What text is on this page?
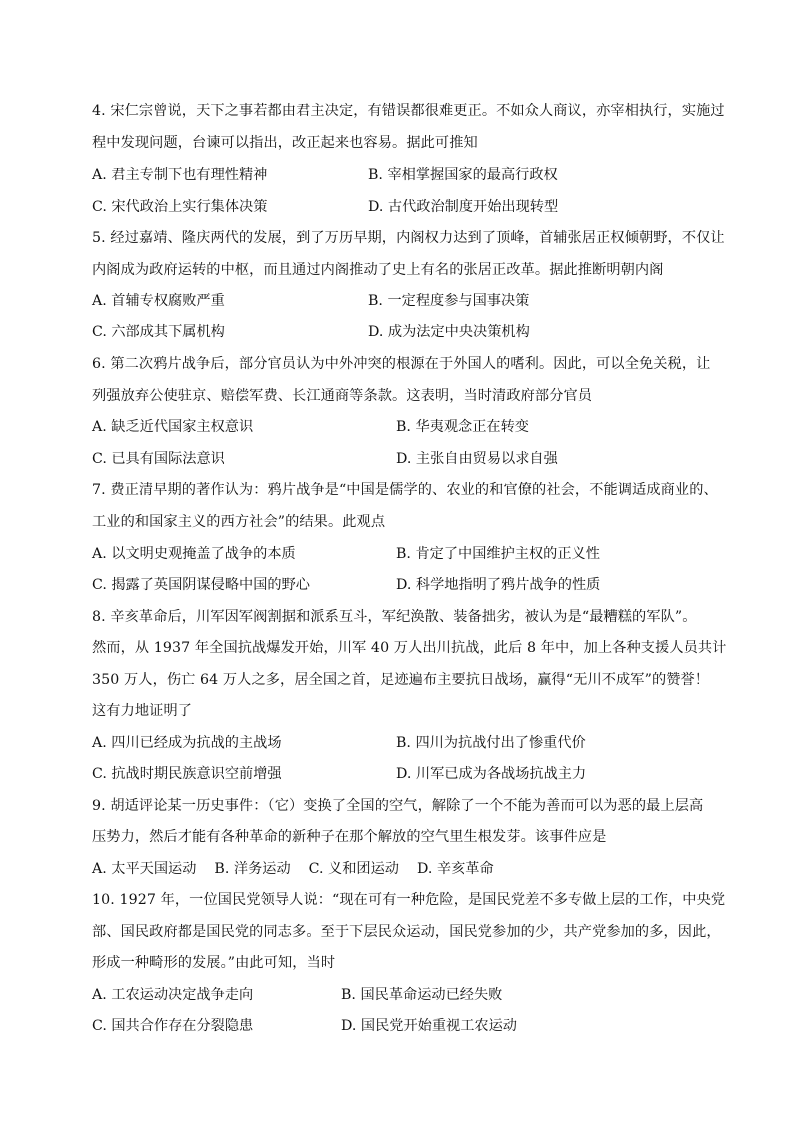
4. 宋仁宗曾说，天下之事若都由君主决定，有错误都很难更正。不如众人商议，亦宰相执行，实施过
程中发现问题，台谏可以指出，改正起来也容易。据此可推知
A. 君主专制下也有理性精神	B. 宰相掌握国家的最高行政权
C. 宋代政治上实行集体决策	D. 古代政治制度开始出现转型
5. 经过嘉靖、隆庆两代的发展，到了万历早期，内阁权力达到了顶峰，首辅张居正权倾朝野，不仅让
内阁成为政府运转的中枢，而且通过内阁推动了史上有名的张居正改革。据此推断明朝内阁
A. 首辅专权腐败严重	B. 一定程度参与国事决策
C. 六部成其下属机构	D. 成为法定中央决策机构
6. 第二次鸦片战争后，部分官员认为中外冲突的根源在于外国人的嗜利。因此，可以全免关税，让
列强放弃公使驻京、赔偿军费、长江通商等条款。这表明，当时清政府部分官员
A. 缺乏近代国家主权意识	B. 华夷观念正在转变
C. 已具有国际法意识	D. 主张自由贸易以求自强
7. 费正清早期的著作认为：鸦片战争是“中国是儒学的、农业的和官僚的社会，不能调适成商业的、
工业的和国家主义的西方社会”的结果。此观点
A. 以文明史观掩盖了战争的本质	B. 肯定了中国维护主权的正义性
C. 揭露了英国阴谋侵略中国的野心	D. 科学地指明了鸦片战争的性质
8. 辛亥革命后，川军因军阀割据和派系互斗，军纪涣散、装备拙劣，被认为是“最糟糕的军队”。
然而，从 1937 年全国抗战爆发开始，川军 40 万人出川抗战，此后 8 年中，加上各种支援人员共计
350 万人，伤亡 64 万人之多，居全国之首，足迹遍布主要抗日战场，赢得“无川不成军”的赞誉！
这有力地证明了
A. 四川已经成为抗战的主战场	B. 四川为抗战付出了惨重代价
C. 抗战时期民族意识空前增强	D. 川军已成为各战场抗战主力
9. 胡适评论某一历史事件：（它）变换了全国的空气，解除了一个不能为善而可以为恶的最上层高
压势力，然后才能有各种革命的新种子在那个解放的空气里生根发芽。该事件应是
A. 太平天国运动    B. 洋务运动    C. 义和团运动    D. 辛亥革命
10. 1927 年，一位国民党领导人说：“现在可有一种危险，是国民党差不多专做上层的工作，中央党
部、国民政府都是国民党的同志多。至于下层民众运动，国民党参加的少，共产党参加的多，因此，
形成一种畸形的发展。”由此可知，当时
A. 工农运动决定战争走向	B. 国民革命运动已经失败
C. 国共合作存在分裂隐患	D. 国民党开始重视工农运动
